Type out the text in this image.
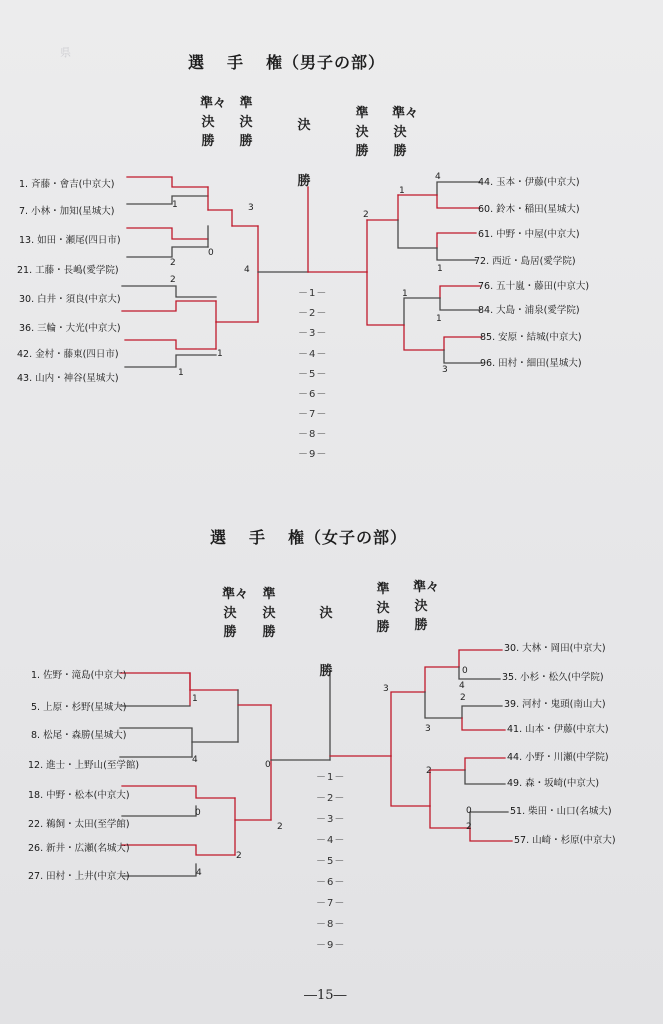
県
選 手 権（男子の部）
準々決勝
準決勝
決勝
準決勝
準々決勝
1. 斉藤・會吉(中京大)
7. 小林・加知(星城大)
13. 如田・瀬尾(四日市)
21. 工藤・長嶋(愛学院)
30. 白井・須良(中京大)
36. 三輪・大光(中京大)
42. 金村・藤東(四日市)
43. 山内・神谷(星城大)
44. 玉本・伊藤(中京大)
60. 鈴木・稲田(星城大)
61. 中野・中屋(中京大)
72. 西近・島居(愛学院)
76. 五十嵐・藤田(中京大)
84. 大島・浦泉(愛学院)
85. 安原・結城(中京大)
96. 田村・細田(星城大)
1
2
2
1
1
0
3
4
4
1
1
1
3
1
2
－1－
－2－
－3－
－4－
－5－
－6－
－7－
－8－
－9－
選 手 権（女子の部）
準々決勝
準決勝
決勝
準決勝
準々決勝
1. 佐野・滝島(中京大)
5. 上原・杉野(星城大)
8. 松尾・森勝(星城大)
12. 進士・上野山(至学館)
18. 中野・松本(中京大)
22. 鵜飼・太田(至学館)
26. 新井・広瀬(名城大)
27. 田村・上井(中京大)
30. 大林・岡田(中京大)
35. 小杉・松久(中学院)
39. 河村・鬼頭(南山大)
41. 山本・伊藤(中京大)
44. 小野・川瀬(中学院)
49. 森・坂崎(中京大)
51. 柴田・山口(名城大)
57. 山崎・杉原(中京大)
1
4
0
2
0
2
4
0
2
4
2
3
3
0
2
－1－
－2－
－3－
－4－
－5－
－6－
－7－
－8－
－9－
―15―
